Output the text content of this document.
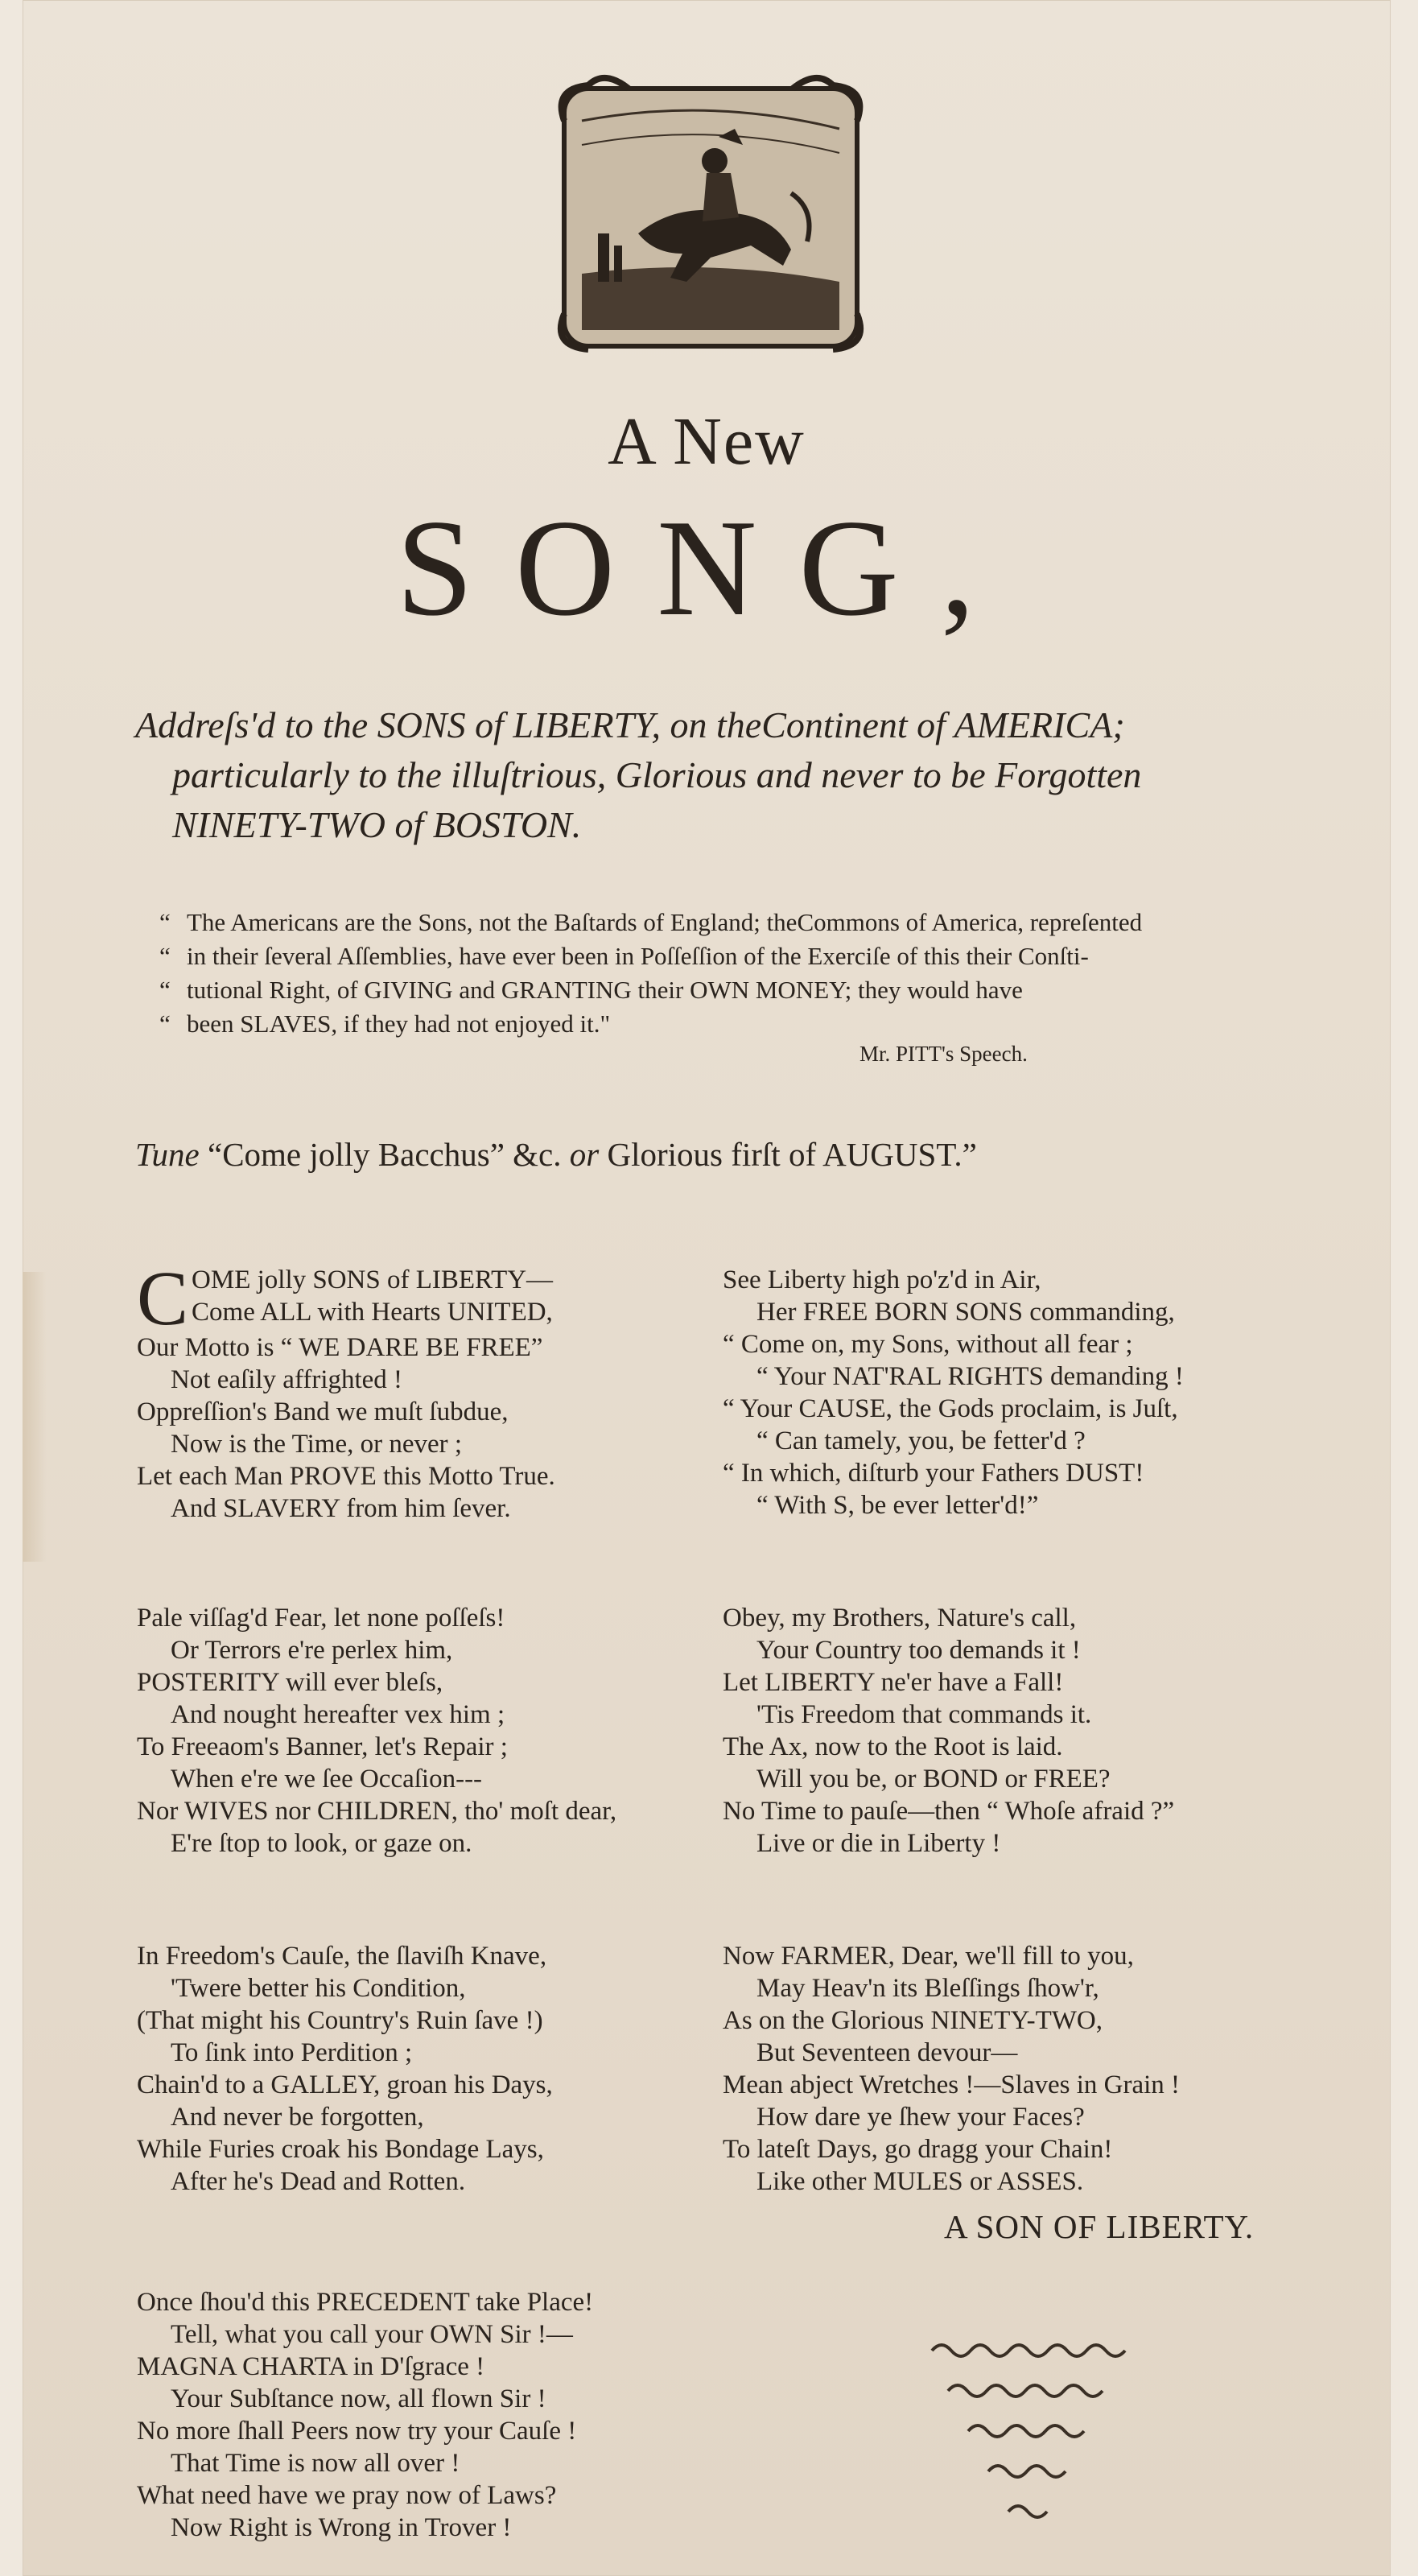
A New
SONG,
Addreſs'd to the SONS of LIBERTY, on theContinent of AMERICA;
particularly to the illuſtrious, Glorious and never to be Forgotten
NINETY-TWO of BOSTON.
“ The Americans are the Sons, not the Baſtards of England; theCommons of America, repreſented
“ in their ſeveral Aſſemblies, have ever been in Poſſeſſion of the Exerciſe of this their Conſti-
“ tutional Right, of GIVING and GRANTING their OWN MONEY; they would have
“ been SLAVES, if they had not enjoyed it."
Mr. PITT's Speech.
Tune “Come jolly Bacchus” &c. or Glorious firſt of AUGUST.”
C OME jolly SONS of LIBERTY—
Come ALL with Hearts UNITED,
Our Motto is “ WE DARE BE FREE”
Not eaſily affrighted !
Oppreſſion's Band we muſt ſubdue,
Now is the Time, or never ;
Let each Man PROVE this Motto True.
And SLAVERY from him ſever.
See Liberty high po'z'd in Air,
Her FREE BORN SONS commanding,
“ Come on, my Sons, without all fear ;
“ Your NAT'RAL RIGHTS demanding !
“ Your CAUSE, the Gods proclaim, is Juſt,
“ Can tamely, you, be fetter'd ?
“ In which, diſturb your Fathers DUST!
“ With S, be ever letter'd!”
Pale viſſag'd Fear, let none poſſeſs!
Or Terrors e're perlex him,
POSTERITY will ever bleſs,
And nought hereafter vex him ;
To Freeaom's Banner, let's Repair ;
When e're we ſee Occaſion---
Nor WIVES nor CHILDREN, tho' moſt dear,
E're ſtop to look, or gaze on.
Obey, my Brothers, Nature's call,
Your Country too demands it !
Let LIBERTY ne'er have a Fall!
'Tis Freedom that commands it.
The Ax, now to the Root is laid.
Will you be, or BOND or FREE?
No Time to pauſe—then “ Whoſe afraid ?”
Live or die in Liberty !
In Freedom's Cauſe, the ſlaviſh Knave,
'Twere better his Condition,
(That might his Country's Ruin ſave !)
To ſink into Perdition ;
Chain'd to a GALLEY, groan his Days,
And never be forgotten,
While Furies croak his Bondage Lays,
After he's Dead and Rotten.
Now FARMER, Dear, we'll fill to you,
May Heav'n its Bleſſings ſhow'r,
As on the Glorious NINETY-TWO,
But Seventeen devour—
Mean abject Wretches !—Slaves in Grain !
How dare ye ſhew your Faces?
To lateſt Days, go dragg your Chain!
Like other MULES or ASSES.
A SON OF LIBERTY.
Once ſhou'd this PRECEDENT take Place!
Tell, what you call your OWN Sir !—
MAGNA CHARTA in D'ſgrace !
Your Subſtance now, all flown Sir !
No more ſhall Peers now try your Cauſe !
That Time is now all over !
What need have we pray now of Laws?
Now Right is Wrong in Trover !
